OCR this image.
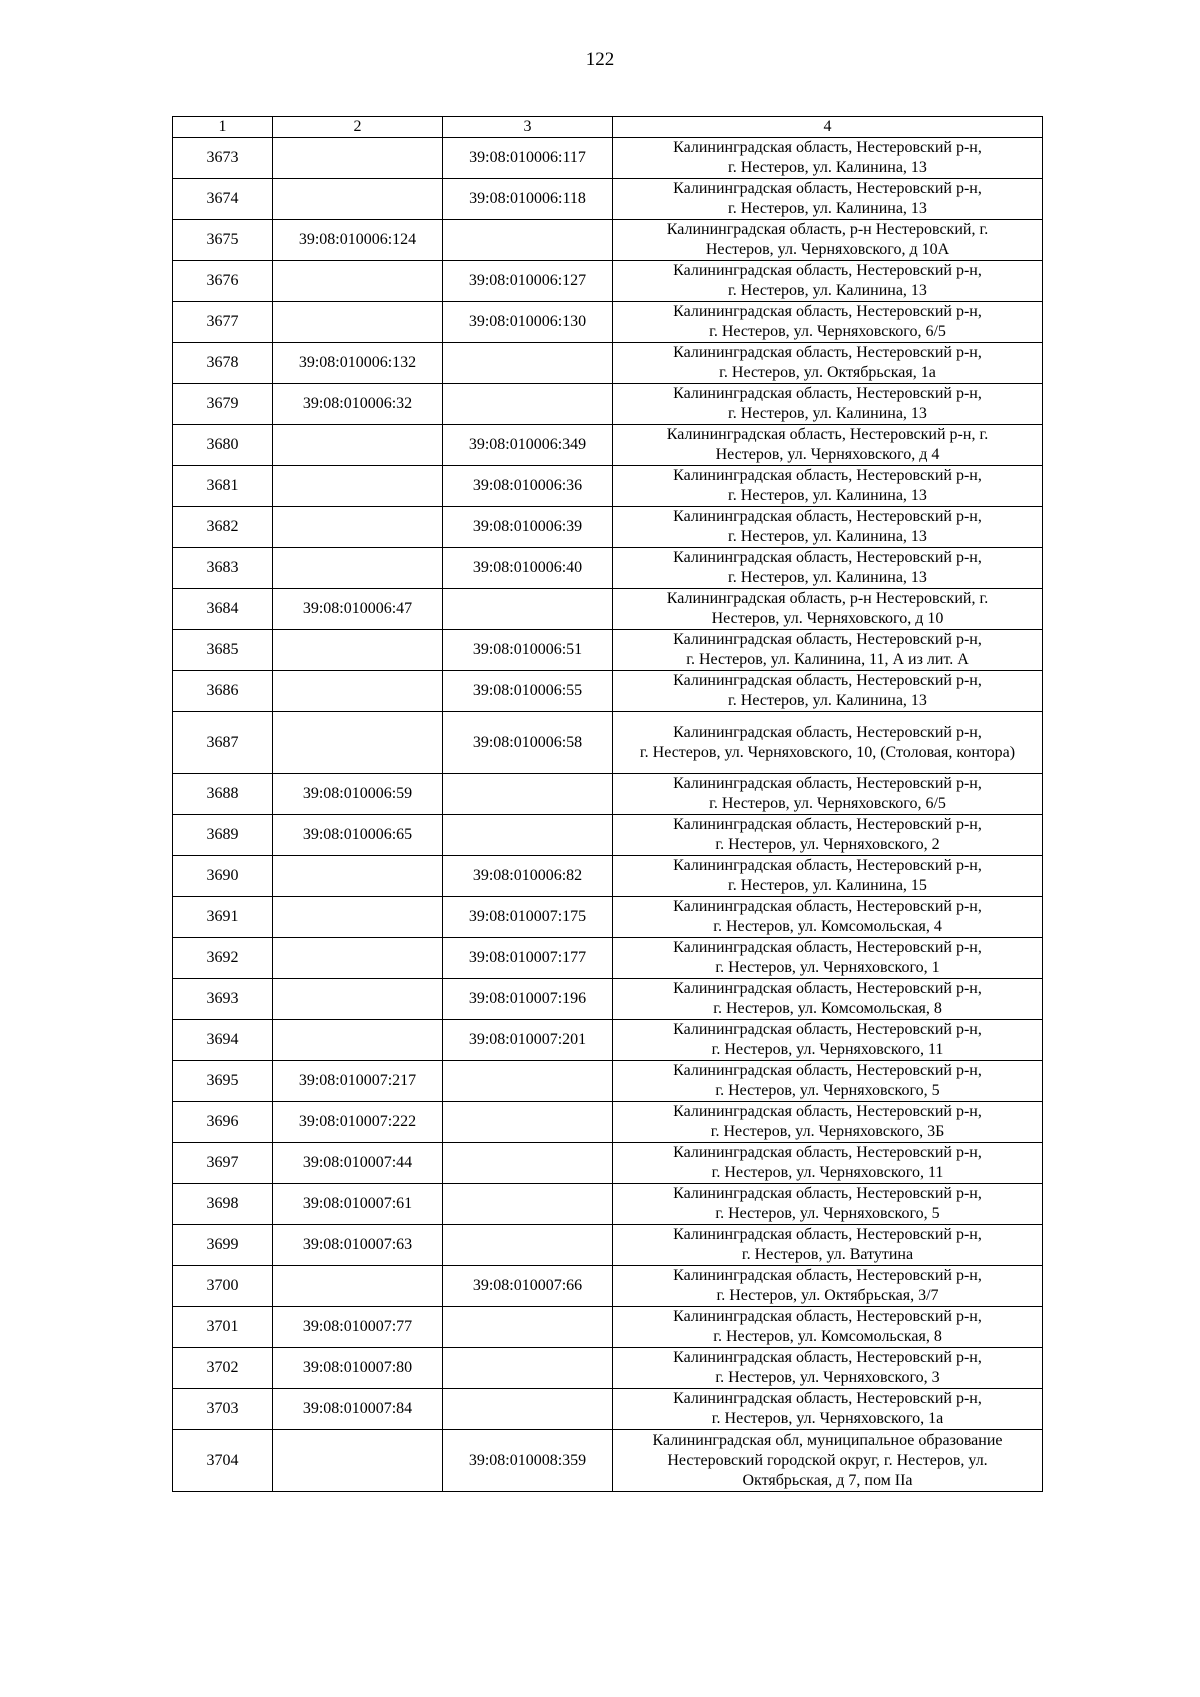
122
1	2	3	4
3673		39:08:010006:117	Калининградская область, Нестеровский р-н,
г. Нестеров, ул. Калинина, 13

3674		39:08:010006:118	Калининградская область, Нестеровский р-н,
г. Нестеров, ул. Калинина, 13

3675	39:08:010006:124		Калининградская область, р-н Нестеровский, г.
Нестеров, ул. Черняховского, д 10А

3676		39:08:010006:127	Калининградская область, Нестеровский р-н,
г. Нестеров, ул. Калинина, 13

3677		39:08:010006:130	Калининградская область, Нестеровский р-н,
г. Нестеров, ул. Черняховского, 6/5

3678	39:08:010006:132		Калининградская область, Нестеровский р-н,
г. Нестеров, ул. Октябрьская, 1а

3679	39:08:010006:32		Калининградская область, Нестеровский р-н,
г. Нестеров, ул. Калинина, 13

3680		39:08:010006:349	Калининградская область, Нестеровский р-н, г.
Нестеров, ул. Черняховского, д 4

3681		39:08:010006:36	Калининградская область, Нестеровский р-н,
г. Нестеров, ул. Калинина, 13

3682		39:08:010006:39	Калининградская область, Нестеровский р-н,
г. Нестеров, ул. Калинина, 13

3683		39:08:010006:40	Калининградская область, Нестеровский р-н,
г. Нестеров, ул. Калинина, 13

3684	39:08:010006:47		Калининградская область, р-н Нестеровский, г.
Нестеров, ул. Черняховского, д 10

3685		39:08:010006:51	Калининградская область, Нестеровский р-н,
г. Нестеров, ул. Калинина, 11, А из лит. А

3686		39:08:010006:55	Калининградская область, Нестеровский р-н,
г. Нестеров, ул. Калинина, 13

3687		39:08:010006:58	Калининградская область, Нестеровский р-н,
г. Нестеров, ул. Черняховского, 10, (Столовая, контора)

3688	39:08:010006:59		Калининградская область, Нестеровский р-н,
г. Нестеров, ул. Черняховского, 6/5

3689	39:08:010006:65		Калининградская область, Нестеровский р-н,
г. Нестеров, ул. Черняховского, 2

3690		39:08:010006:82	Калининградская область, Нестеровский р-н,
г. Нестеров, ул. Калинина, 15

3691		39:08:010007:175	Калининградская область, Нестеровский р-н,
г. Нестеров, ул. Комсомольская, 4

3692		39:08:010007:177	Калининградская область, Нестеровский р-н,
г. Нестеров, ул. Черняховского, 1

3693		39:08:010007:196	Калининградская область, Нестеровский р-н,
г. Нестеров, ул. Комсомольская, 8

3694		39:08:010007:201	Калининградская область, Нестеровский р-н,
г. Нестеров, ул. Черняховского, 11

3695	39:08:010007:217		Калининградская область, Нестеровский р-н,
г. Нестеров, ул. Черняховского, 5

3696	39:08:010007:222		Калининградская область, Нестеровский р-н,
г. Нестеров, ул. Черняховского, 3Б

3697	39:08:010007:44		Калининградская область, Нестеровский р-н,
г. Нестеров, ул. Черняховского, 11

3698	39:08:010007:61		Калининградская область, Нестеровский р-н,
г. Нестеров, ул. Черняховского, 5

3699	39:08:010007:63		Калининградская область, Нестеровский р-н,
г. Нестеров, ул. Ватутина

3700		39:08:010007:66	Калининградская область, Нестеровский р-н,
г. Нестеров, ул. Октябрьская, 3/7

3701	39:08:010007:77		Калининградская область, Нестеровский р-н,
г. Нестеров, ул. Комсомольская, 8

3702	39:08:010007:80		Калининградская область, Нестеровский р-н,
г. Нестеров, ул. Черняховского, 3

3703	39:08:010007:84		Калининградская область, Нестеровский р-н,
г. Нестеров, ул. Черняховского, 1а

3704		39:08:010008:359	Калининградская обл, муниципальное образование
Нестеровский городской округ, г. Нестеров, ул.
Октябрьская, д 7, пом IIа
